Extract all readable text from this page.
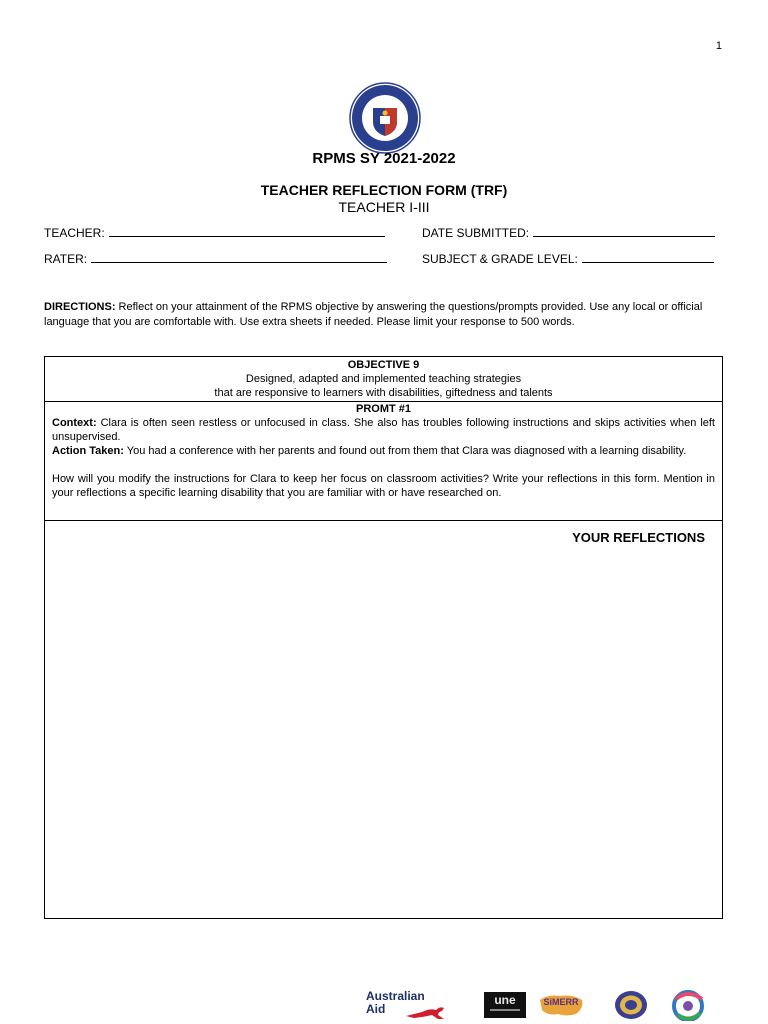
1
RPMS SY 2021-2022
TEACHER REFLECTION FORM (TRF)
TEACHER I-III
TEACHER:	DATE SUBMITTED:
RATER:	SUBJECT & GRADE LEVEL:
DIRECTIONS: Reflect on your attainment of the RPMS objective by answering the questions/prompts provided. Use any local or official language that you are comfortable with. Use extra sheets if needed. Please limit your response to 500 words.
OBJECTIVE 9
Designed, adapted and implemented teaching strategies
that are responsive to learners with disabilities, giftedness and talents
PROMT #1

Context: Clara is often seen restless or unfocused in class. She also has troubles following instructions and skips activities when left unsupervised.

Action Taken: You had a conference with her parents and found out from them that Clara was diagnosed with a learning disability.

How will you modify the instructions for Clara to keep her focus on classroom activities? Write your reflections in this form. Mention in your reflections a specific learning disability that you are familiar with or have researched on.

YOUR REFLECTIONS
Australian
Aid
une	SiMERR
